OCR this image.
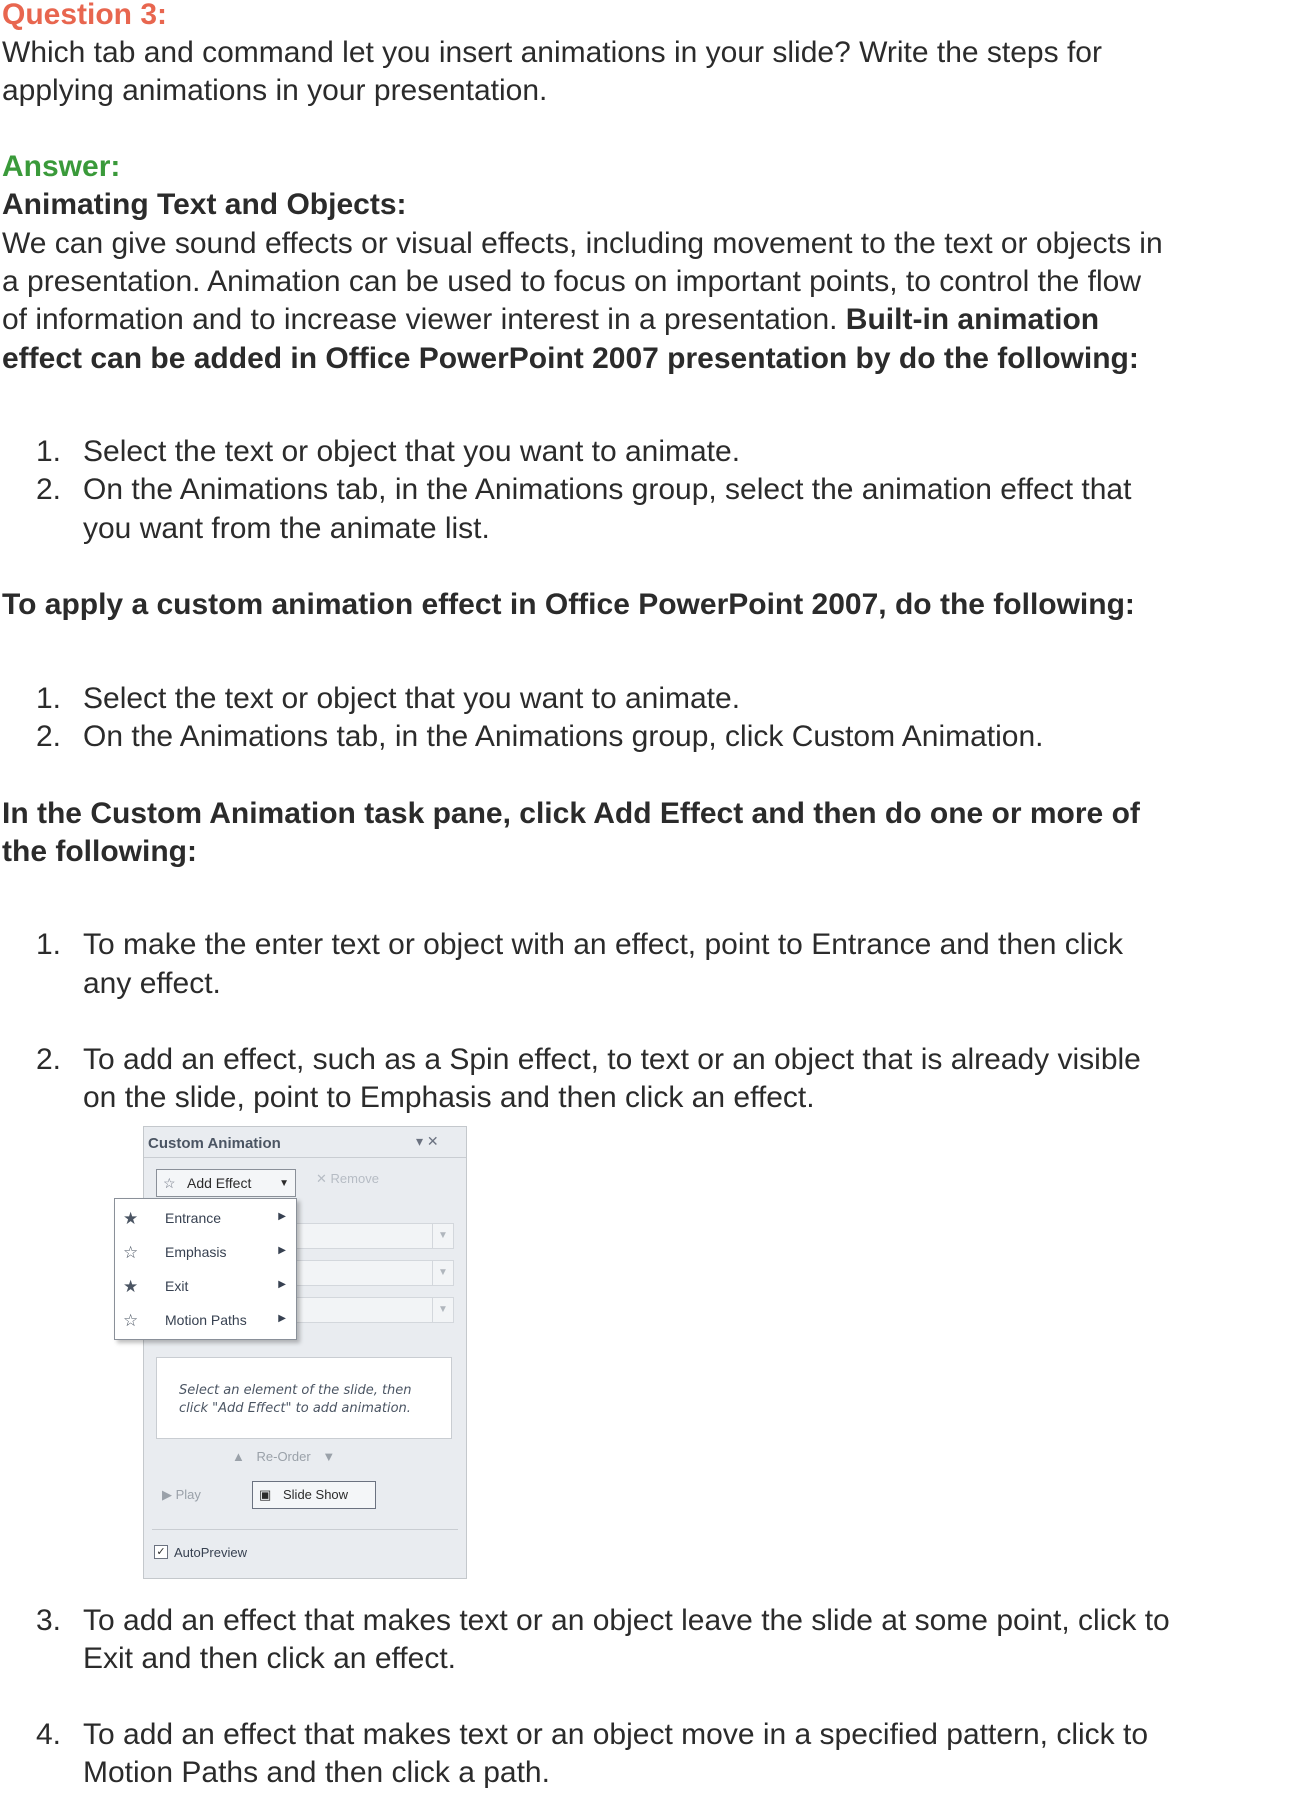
Question 3:
Which tab and command let you insert animations in your slide? Write the steps for
applying animations in your presentation.
Answer:
Animating Text and Objects:
We can give sound effects or visual effects, including movement to the text or objects in
a presentation. Animation can be used to focus on important points, to control the flow
of information and to increase viewer interest in a presentation. Built-in animation
effect can be added in Office PowerPoint 2007 presentation by do the following:
1. Select the text or object that you want to animate.
2. On the Animations tab, in the Animations group, select the animation effect that
you want from the animate list.
To apply a custom animation effect in Office PowerPoint 2007, do the following:
1. Select the text or object that you want to animate.
2. On the Animations tab, in the Animations group, click Custom Animation.
In the Custom Animation task pane, click Add Effect and then do one or more of
the following:
1. To make the enter text or object with an effect, point to Entrance and then click
any effect.
2. To add an effect, such as a Spin effect, to text or an object that is already visible
on the slide, point to Emphasis and then click an effect.
Custom Animation	▾ ✕
☆ Add Effect	▼ ✕ Remove
▼
▼
▼
Select an element of the slide, then click "Add Effect" to add animation.
▲ Re-Order ▼
▶ Play	▣ Slide Show
✓ AutoPreview
★ Entrance	▶
☆ Emphasis	▶
★ Exit	▶
☆ Motion Paths	▶
3. To add an effect that makes text or an object leave the slide at some point, click to
Exit and then click an effect.
4. To add an effect that makes text or an object move in a specified pattern, click to
Motion Paths and then click a path.
